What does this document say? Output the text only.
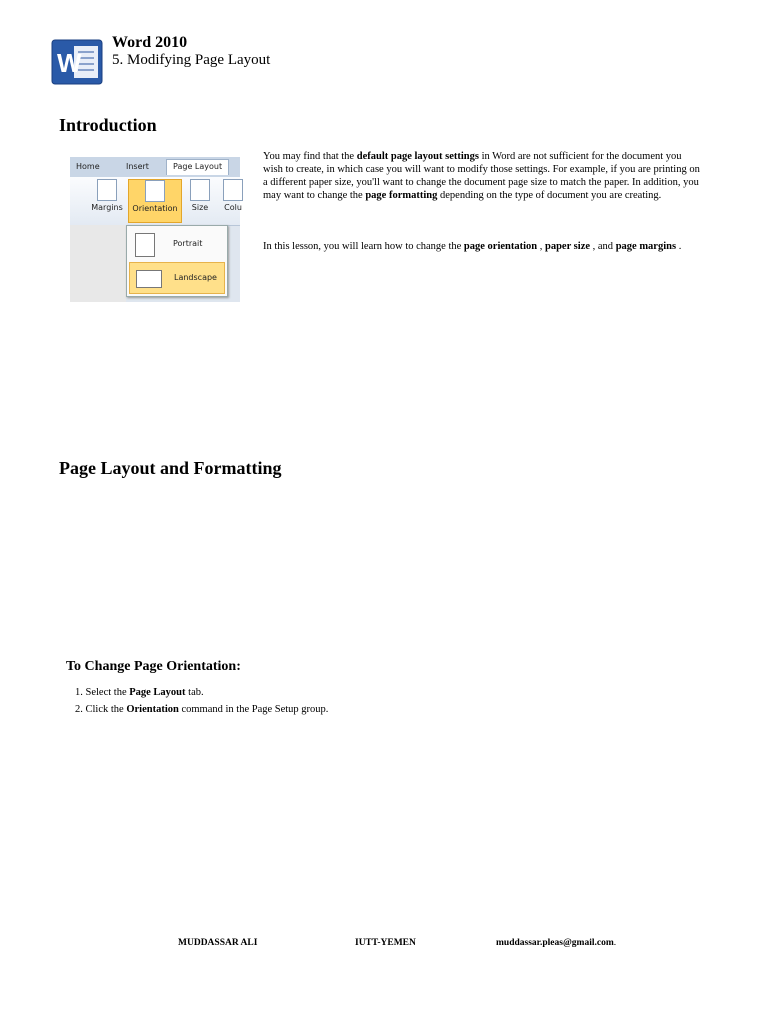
W
Word 2010
5. Modifying Page Layout
Introduction
Home	Insert	Page Layout
Margins	Orientation	Size	Colu
Portrait
Landscape
You may find that the default page layout settings in Word are not sufficient for the document you wish to create, in which case you will want to modify those settings. For example, if you are printing on a different paper size, you'll want to change the document page size to match the paper. In addition, you may want to change the page formatting depending on the type of document you are creating.
In this lesson, you will learn how to change the page orientation , paper size , and page margins .
Page Layout and Formatting
To Change Page Orientation:
1. Select the Page Layout tab.
2. Click the Orientation command in the Page Setup group.
MUDDASSAR ALI	IUTT-YEMEN	muddassar.pleas@gmail.com.
